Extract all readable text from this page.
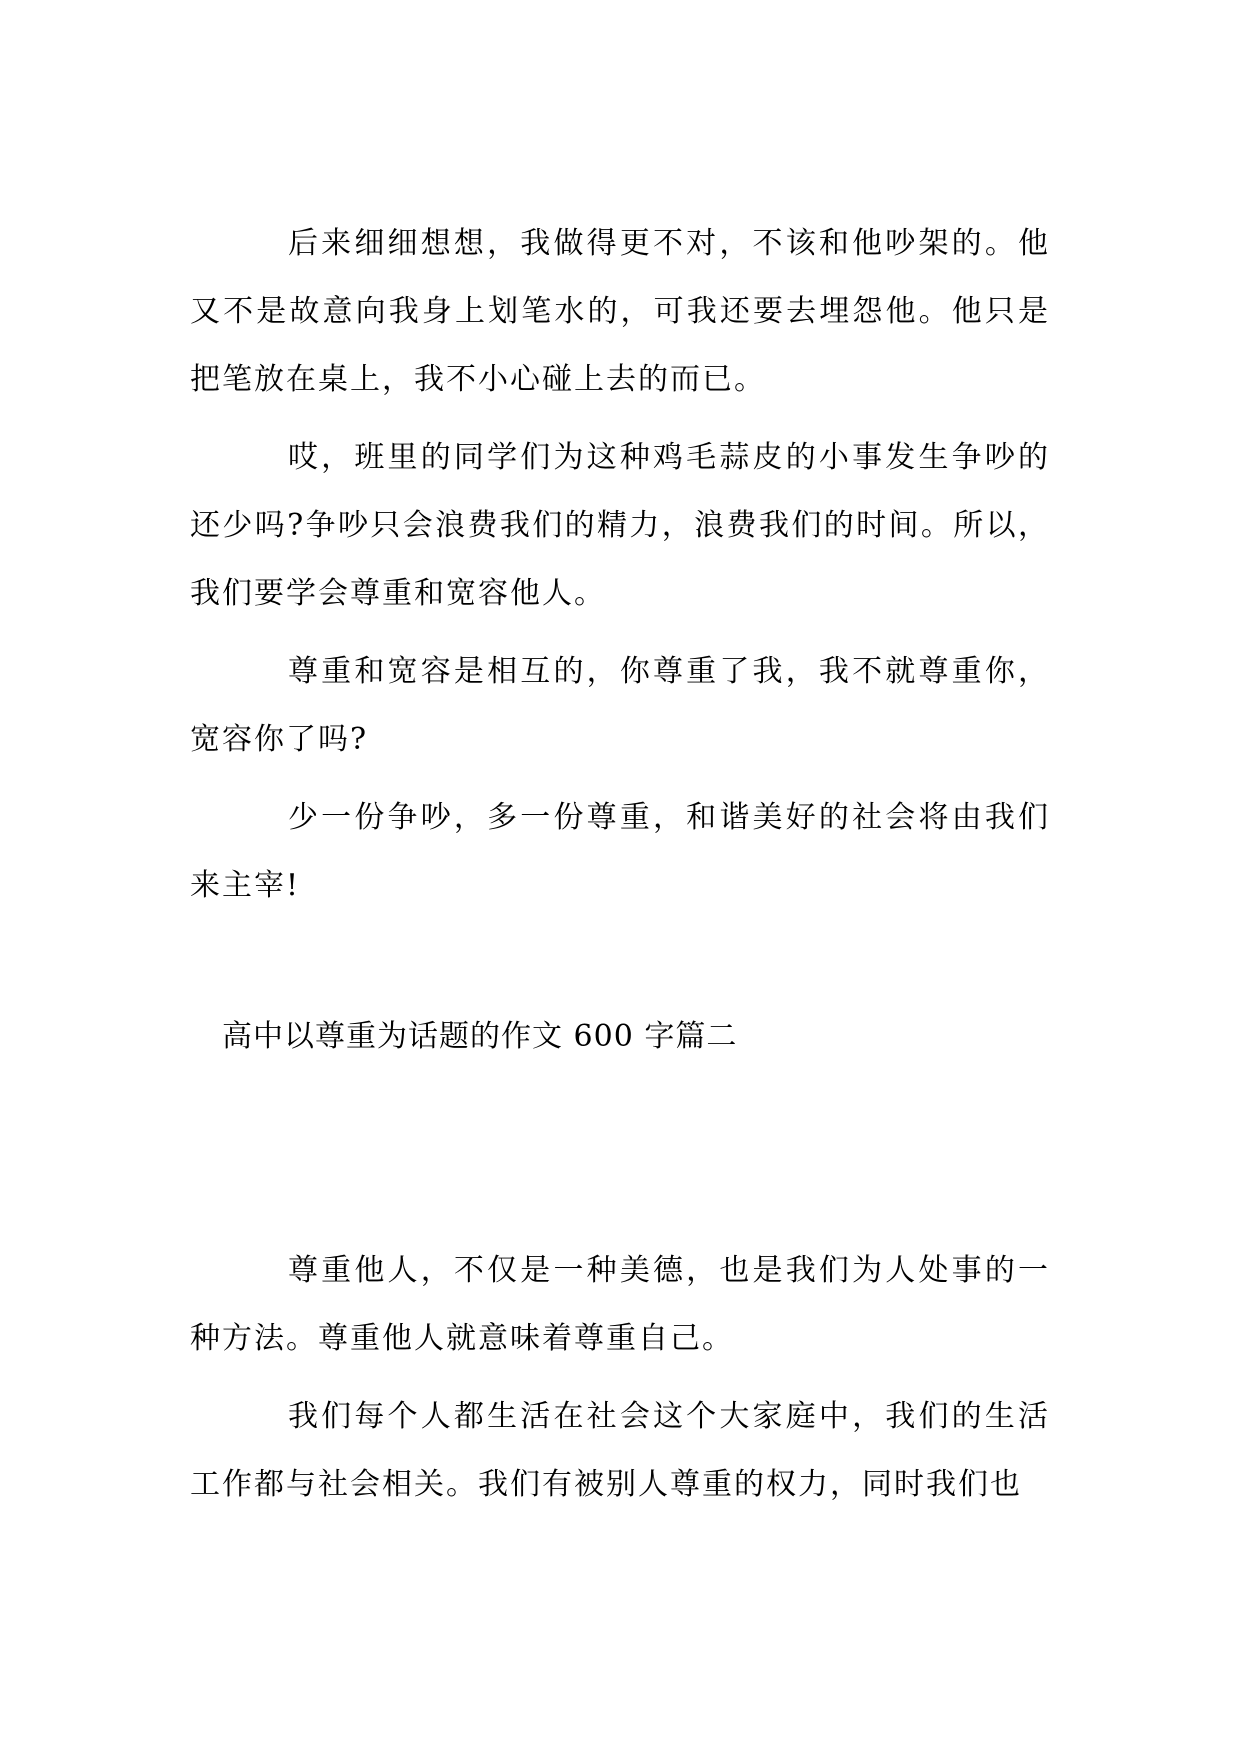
后来细细想想，我做得更不对，不该和他吵架的。他又不是故意向我身上划笔水的，可我还要去埋怨他。他只是把笔放在桌上，我不小心碰上去的而已。

哎，班里的同学们为这种鸡毛蒜皮的小事发生争吵的还少吗?争吵只会浪费我们的精力，浪费我们的时间。所以，我们要学会尊重和宽容他人。

尊重和宽容是相互的，你尊重了我，我不就尊重你，宽容你了吗?

少一份争吵，多一份尊重，和谐美好的社会将由我们来主宰!

高中以尊重为话题的作文 600 字篇二

尊重他人，不仅是一种美德，也是我们为人处事的一种方法。尊重他人就意味着尊重自己。

我们每个人都生活在社会这个大家庭中，我们的生活工作都与社会相关。我们有被别人尊重的权力，同时我们也
